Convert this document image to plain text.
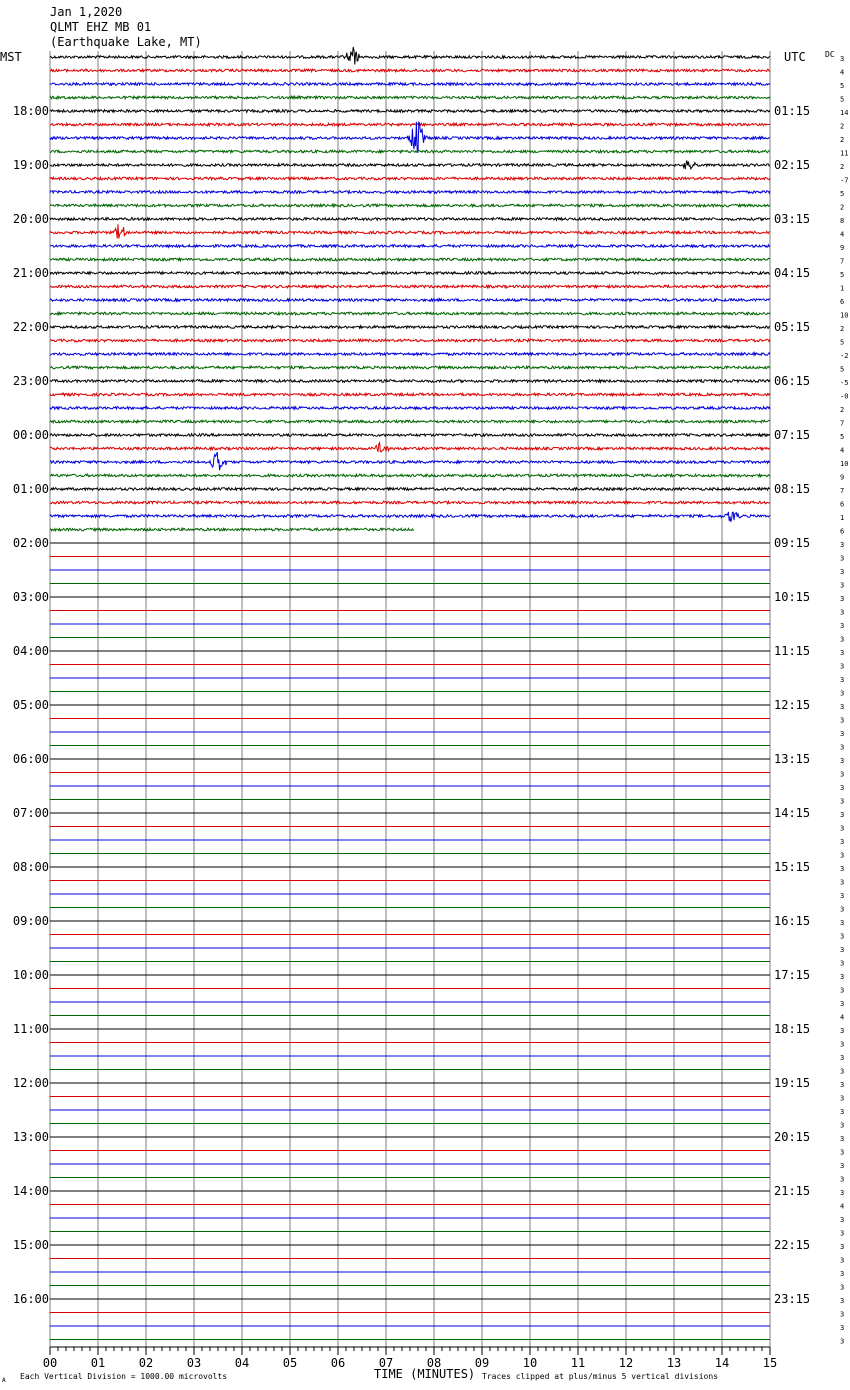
Jan 1,2020
QLMT EHZ MB 01
(Earthquake Lake, MT)
18:00	01:15
19:00	02:15
20:00	03:15
21:00	04:15
22:00	05:15
23:00	06:15
00:00	07:15
01:00	08:15
02:00	09:15
03:00	10:15
04:00	11:15
05:00	12:15
06:00	13:15
07:00	14:15
08:00	15:15
09:00	16:15
10:00	17:15
11:00	18:15
12:00	19:15
13:00	20:15
14:00	21:15
15:00	22:15
16:00	23:15
3
4
5
5
14
2
2
11
2
-7
5
2
8
4
9
7
5
1
6
10
2
5
-2
5
-5
-0
2
7
5
4
10
9
7
6
1
6
3
3
3
3
3
3
3
3
3
3
3
3
3
3
3
3
3
3
3
3
3
3
3
3
3
3
3
3
3
3
3
3
3
3
3
4
3
3
3
3
3
3
3
3
3
3
3
3
3
4
3
3
3
3
3
3
3
3
3
3
00	01	02	03	04	05	06	07	08	09	10	11	12	13	14	15
MST	UTC DC
Each Vertical Division = 1000.00 microvolts	TIME (MINUTES) Traces clipped at plus/minus 5 vertical divisions
A
